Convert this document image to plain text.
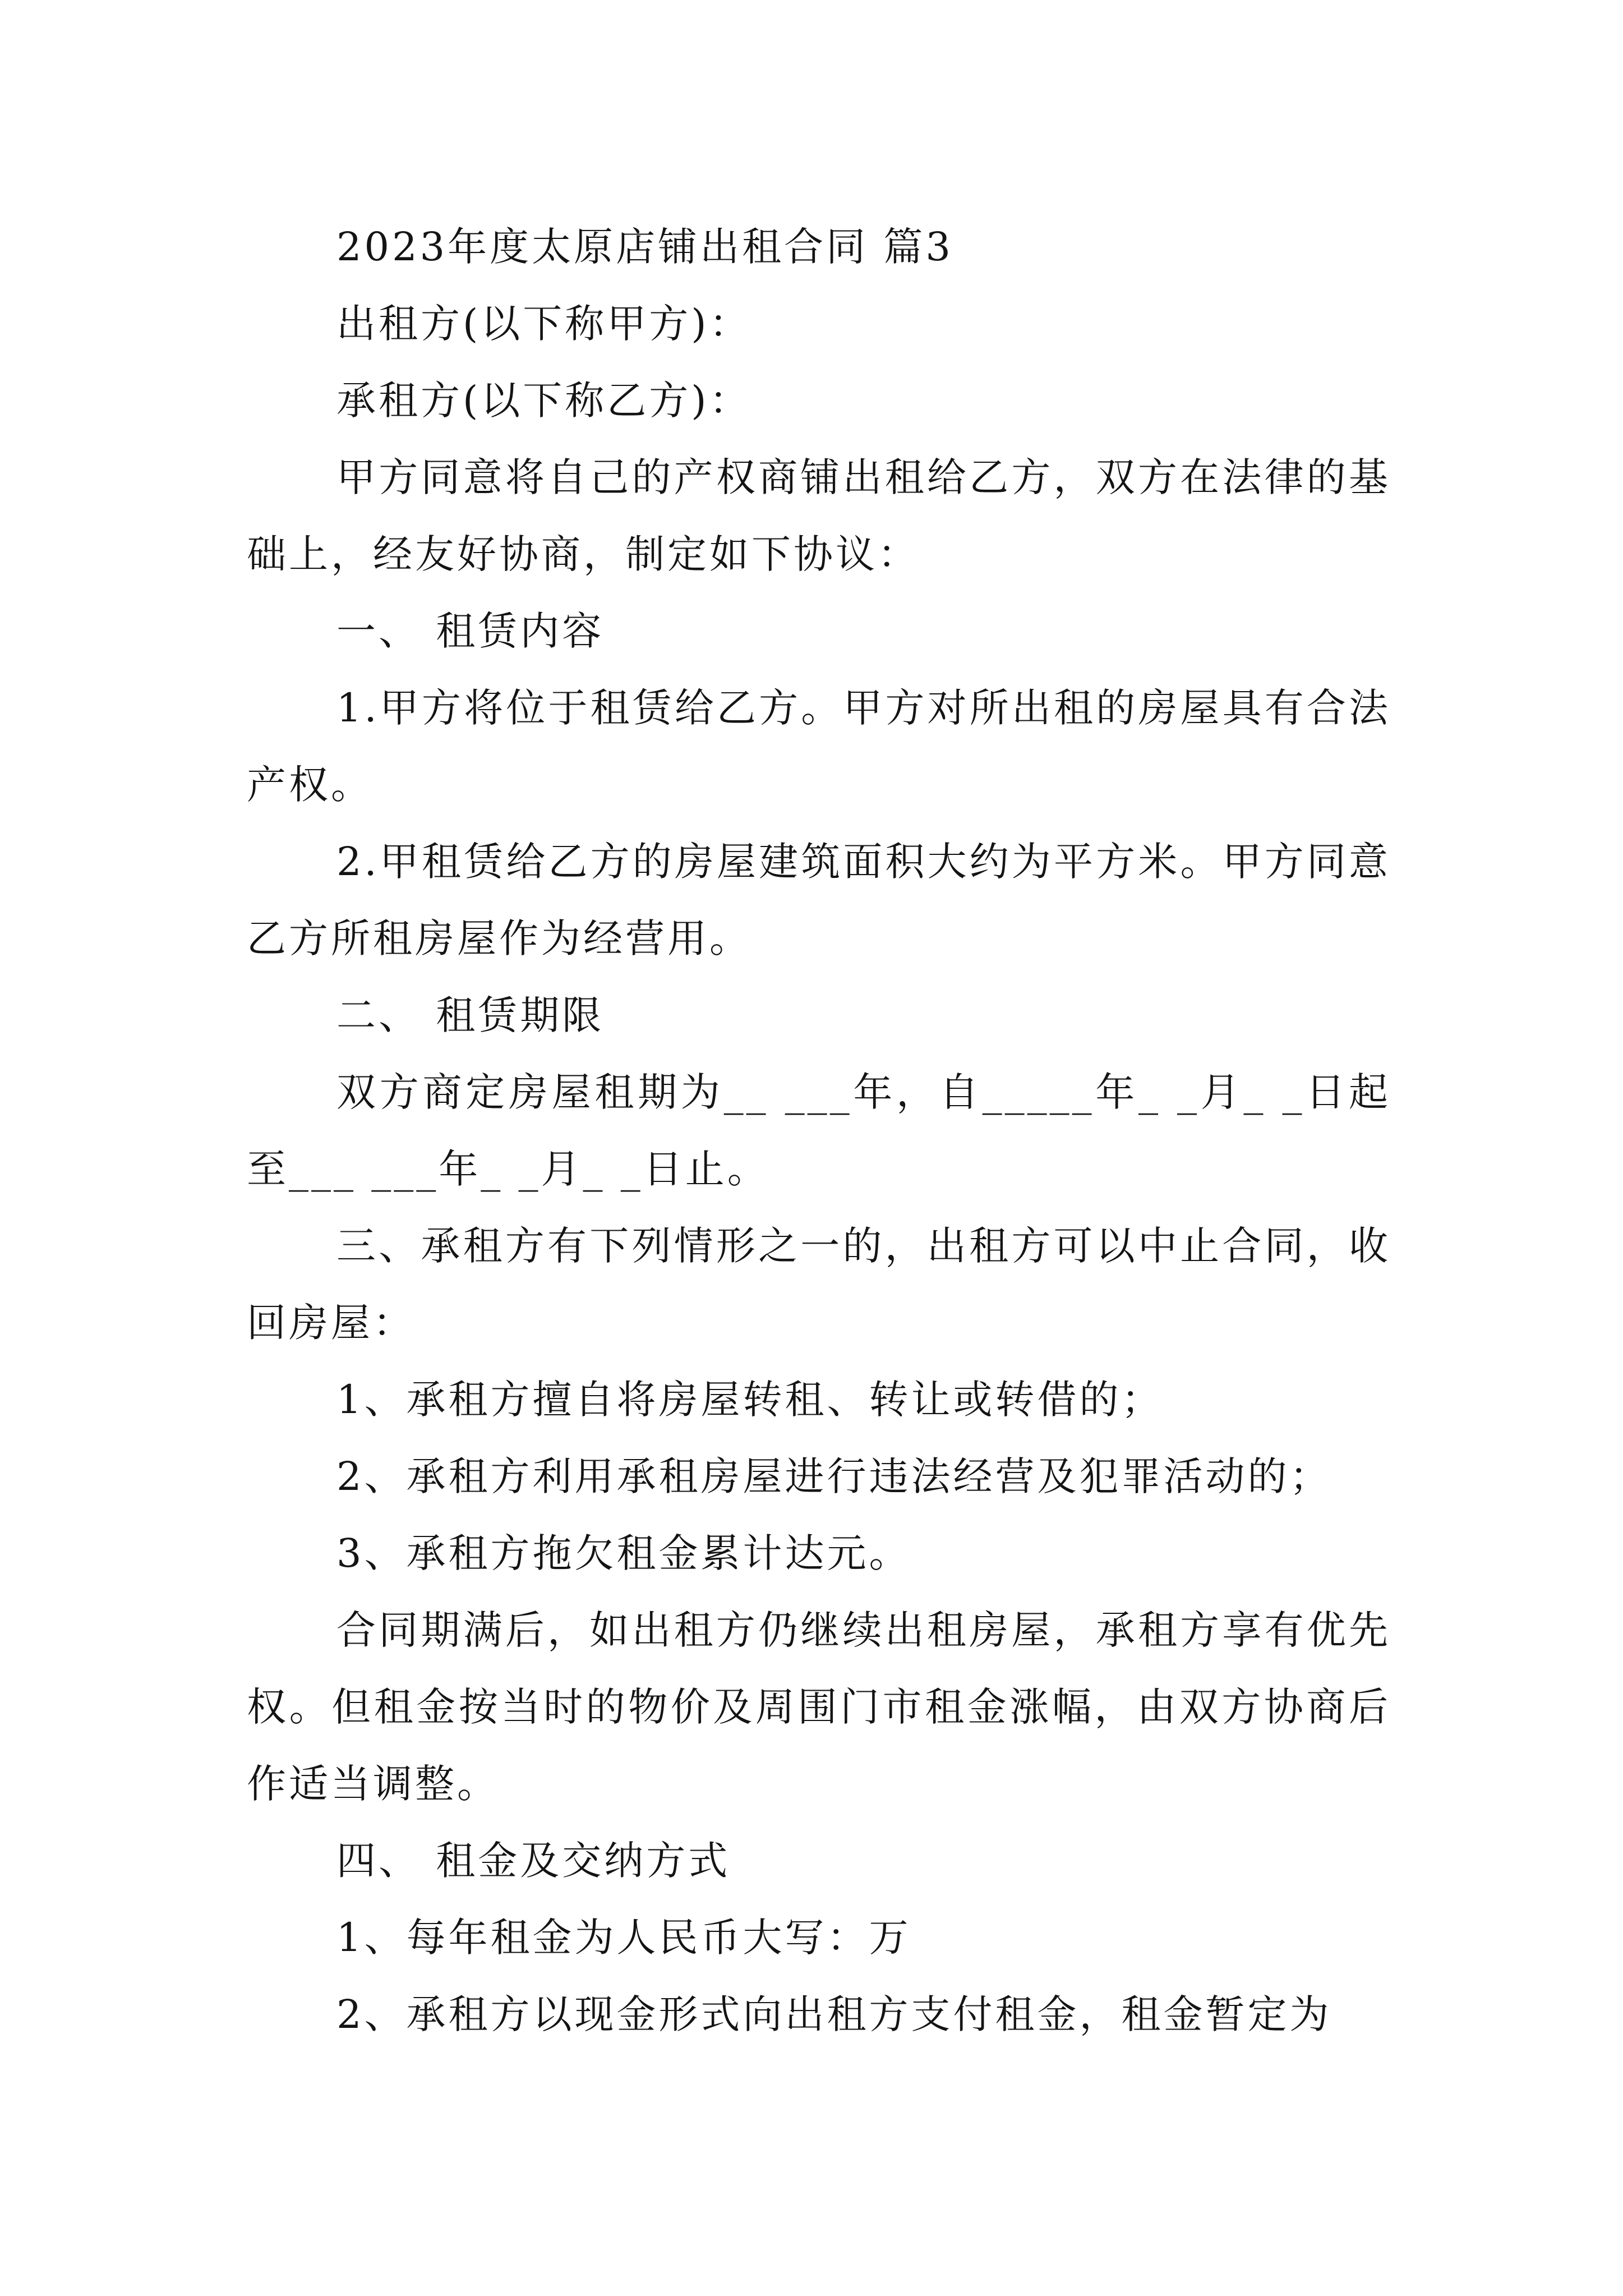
2023年度太原店铺出租合同 篇3

出租方(以下称甲方)：

承租方(以下称乙方)：

甲方同意将自己的产权商铺出租给乙方，双方在法律的基础上，经友好协商，制定如下协议：

一、 租赁内容

1.甲方将位于租赁给乙方。甲方对所出租的房屋具有合法产权。

2.甲租赁给乙方的房屋建筑面积大约为平方米。甲方同意乙方所租房屋作为经营用。

二、 租赁期限

双方商定房屋租期为__ ___年，自_____年_ _月_ _日起至___ ___年_ _月_ _日止。

三、承租方有下列情形之一的，出租方可以中止合同，收回房屋：

1、承租方擅自将房屋转租、转让或转借的；

2、承租方利用承租房屋进行违法经营及犯罪活动的；

3、承租方拖欠租金累计达元。

合同期满后，如出租方仍继续出租房屋，承租方享有优先权。但租金按当时的物价及周围门市租金涨幅，由双方协商后作适当调整。

四、 租金及交纳方式

1、每年租金为人民币大写：万

2、承租方以现金形式向出租方支付租金，租金暂定为
